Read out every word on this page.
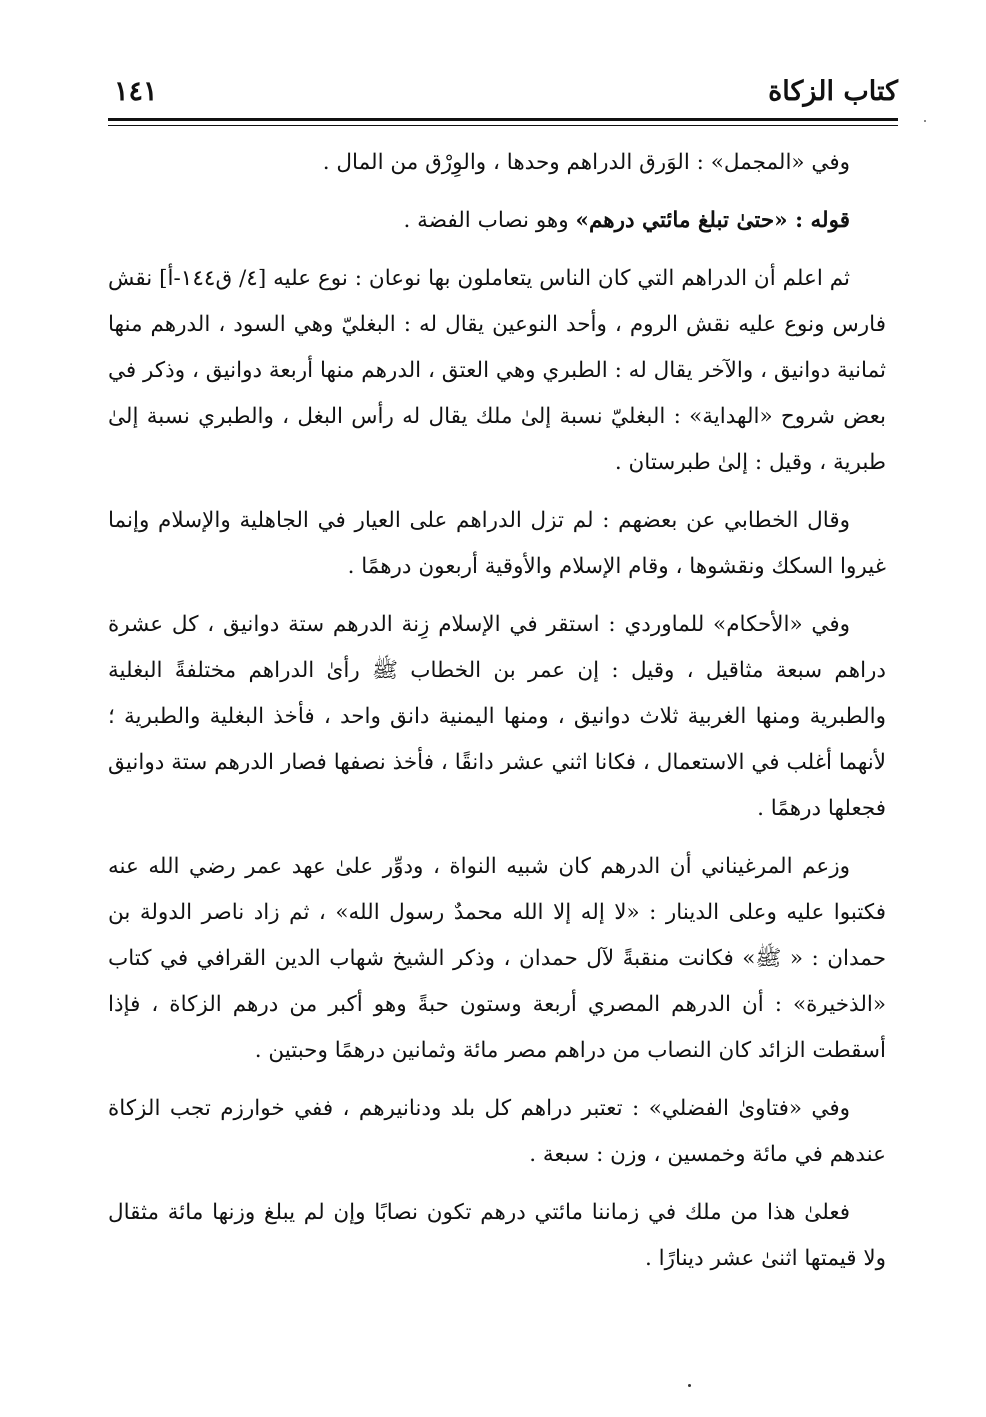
كتاب الزكاة
١٤١

وفي «المجمل» : الوَرق الدراهم وحدها ، والوِرْق من المال .

قوله : «حتىٰ تبلغ مائتي درهم» وهو نصاب الفضة .

ثم اعلم أن الدراهم التي كان الناس يتعاملون بها نوعان : نوع عليه [٤/ ق١٤٤-أ] نقش فارس ونوع عليه نقش الروم ، وأحد النوعين يقال له : البغليّ وهي السود ، الدرهم منها ثمانية دوانيق ، والآخر يقال له : الطبري وهي العتق ، الدرهم منها أربعة دوانيق ، وذكر في بعض شروح «الهداية» : البغليّ نسبة إلىٰ ملك يقال له رأس البغل ، والطبري نسبة إلىٰ طبرية ، وقيل : إلىٰ طبرستان .

وقال الخطابي عن بعضهم : لم تزل الدراهم على العيار في الجاهلية والإسلام وإنما غيروا السكك ونقشوها ، وقام الإسلام والأوقية أربعون درهمًا .

وفي «الأحكام» للماوردي : استقر في الإسلام زِنة الدرهم ستة دوانيق ، كل عشرة دراهم سبعة مثاقيل ، وقيل : إن عمر بن الخطاب ﷺ رأىٰ الدراهم مختلفةً البغلية والطبرية ومنها الغربية ثلاث دوانيق ، ومنها اليمنية دانق واحد ، فأخذ البغلية والطبرية ؛ لأنهما أغلب في الاستعمال ، فكانا اثني عشر دانقًا ، فأخذ نصفها فصار الدرهم ستة دوانيق فجعلها درهمًا .

وزعم المرغيناني أن الدرهم كان شبيه النواة ، ودوِّر علىٰ عهد عمر رضي الله عنه فكتبوا عليه وعلى الدينار : «لا إله إلا الله محمدٌ رسول الله» ، ثم زاد ناصر الدولة بن حمدان : « ﷺ» فكانت منقبةً لآل حمدان ، وذكر الشيخ شهاب الدين القرافي في كتاب «الذخيرة» : أن الدرهم المصري أربعة وستون حبةً وهو أكبر من درهم الزكاة ، فإذا أسقطت الزائد كان النصاب من دراهم مصر مائة وثمانين درهمًا وحبتين .

وفي «فتاوىٰ الفضلي» : تعتبر دراهم كل بلد ودنانيرهم ، ففي خوارزم تجب الزكاة عندهم في مائة وخمسين ، وزن : سبعة .

فعلىٰ هذا من ملك في زماننا مائتي درهم تكون نصابًا وإن لم يبلغ وزنها مائة مثقال ولا قيمتها اثنىٰ عشر دينارًا .
